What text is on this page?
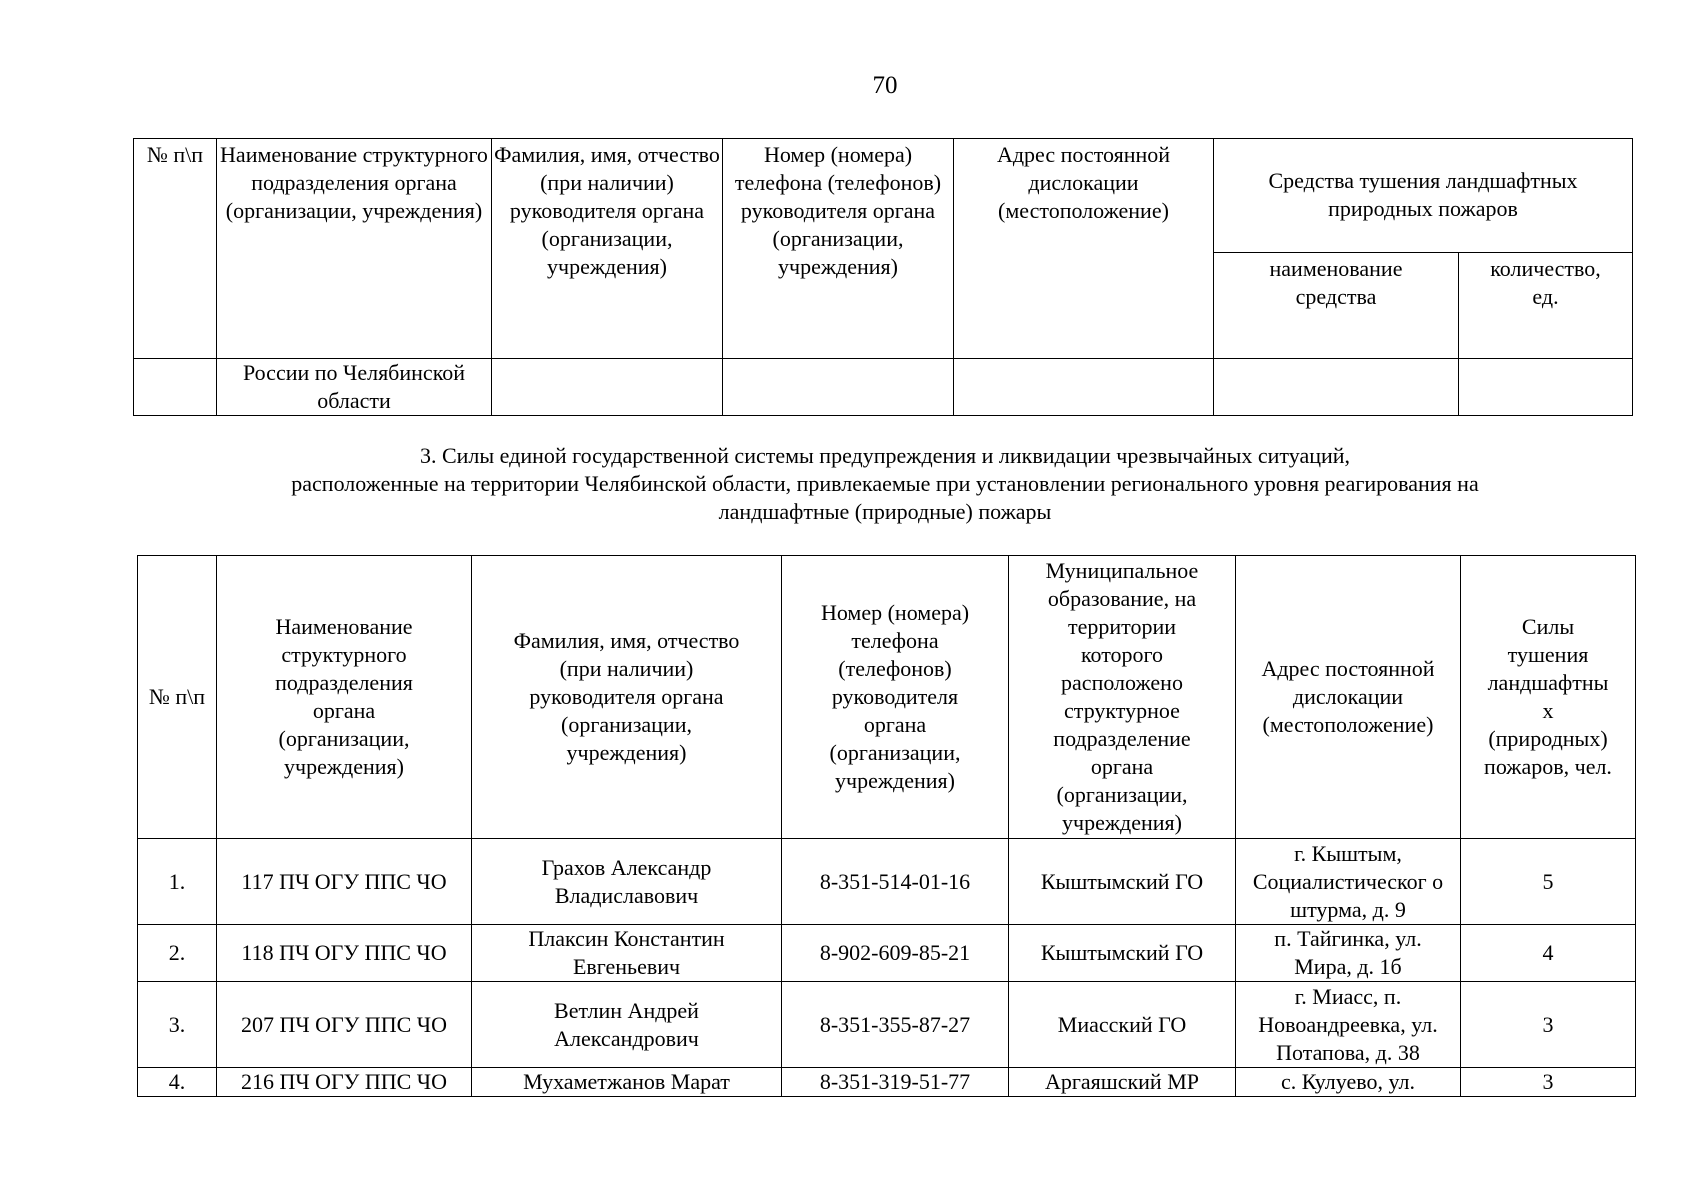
70
№ п\п	Наименование структурного подразделения органа (организации, учреждения)	Фамилия, имя, отчество (при наличии) руководителя органа (организации, учреждения)	Номер (номера) телефона (телефонов) руководителя органа (организации, учреждения)	Адрес постоянной дислокации (местоположение)	Средства тушения ландшафтных природных пожаров	
					наименование средства	количество, ед.
	России по Челябинской области					
3. Силы единой государственной системы предупреждения и ликвидации чрезвычайных ситуаций,
расположенные на территории Челябинской области, привлекаемые при установлении регионального уровня реагирования на
ландшафтные (природные) пожары
№ п\п	Наименование структурного подразделения органа (организации, учреждения)	Фамилия, имя, отчество (при наличии) руководителя органа (организации, учреждения)	Номер (номера) телефона (телефонов) руководителя органа (организации, учреждения)	Муниципальное образование, на территории которого расположено структурное подразделение органа (организации, учреждения)	Адрес постоянной дислокации (местоположение)	Силы тушения ландшафтны х (природных) пожаров, чел.
1.	117 ПЧ ОГУ ППС ЧО	Грахов Александр Владиславович	8-351-514-01-16	Кыштымский ГО	г. Кыштым, Социалистическог о штурма, д. 9	5
2.	118 ПЧ ОГУ ППС ЧО	Плаксин Константин Евгеньевич	8-902-609-85-21	Кыштымский ГО	п. Тайгинка, ул. Мира, д. 1б	4
3.	207 ПЧ ОГУ ППС ЧО	Ветлин Андрей Александрович	8-351-355-87-27	Миасский ГО	г. Миасс, п. Новоандреевка, ул. Потапова, д. 38	3
4.	216 ПЧ ОГУ ППС ЧО	Мухаметжанов Марат	8-351-319-51-77	Аргаяшский МР	с. Кулуево, ул.	3
